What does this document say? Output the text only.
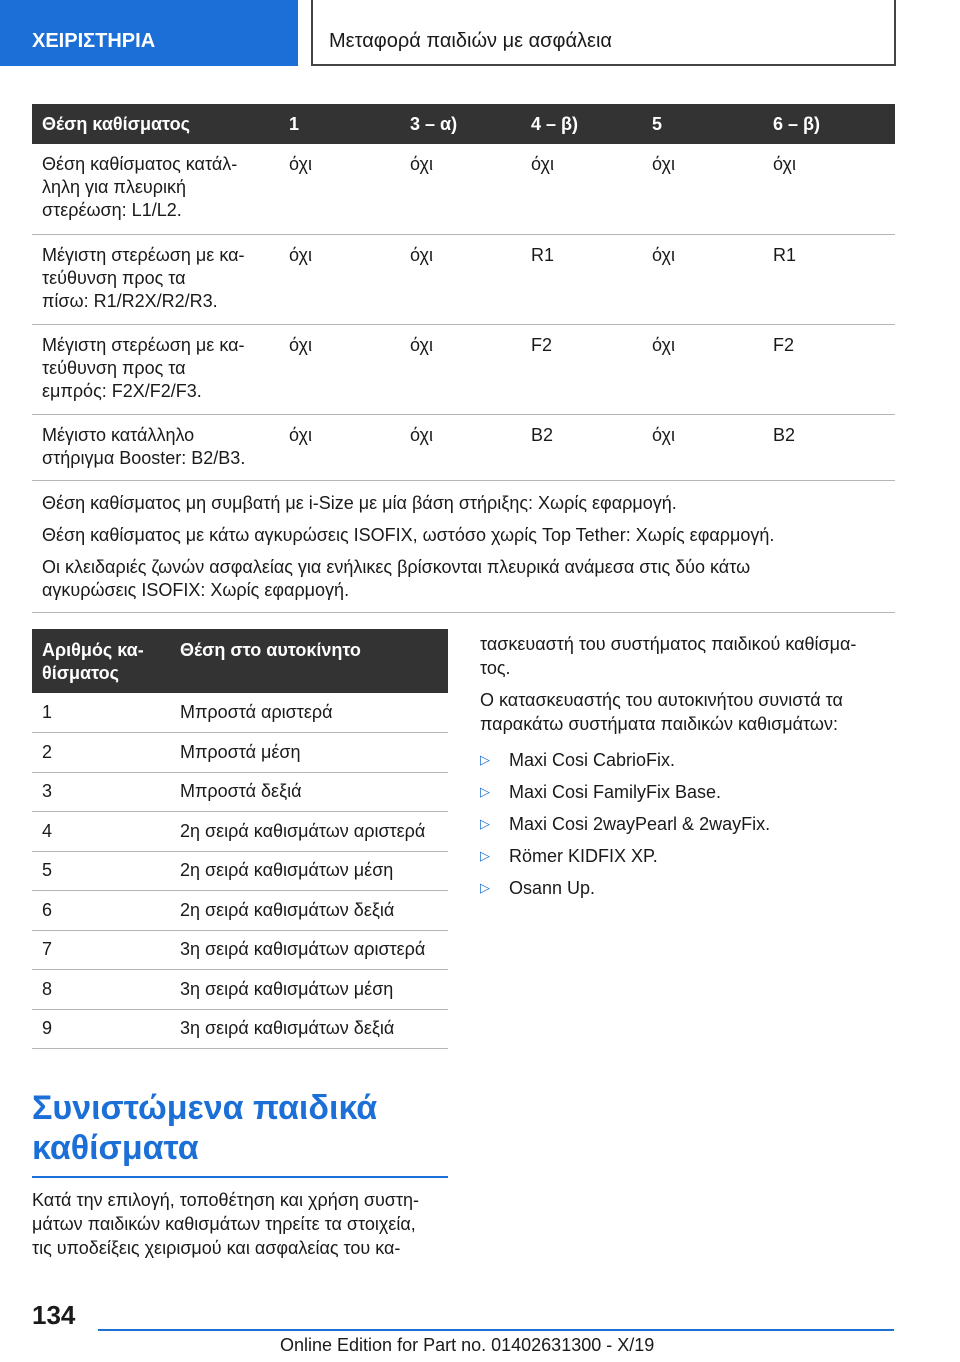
ΧΕΙΡΙΣΤΗΡΙΑ	Μεταφορά παιδιών με ασφάλεια
Θέση καθίσματος	1	3 – α)	4 – β)	5	6 – β)
Θέση καθίσματος κατάλ-
ληλη για πλευρική
στερέωση: L1/L2.	όχι	όχι	όχι	όχι	όχι
Μέγιστη στερέωση με κα-
τεύθυνση προς τα
πίσω: R1/R2X/R2/R3.	όχι	όχι	R1	όχι	R1
Μέγιστη στερέωση με κα-
τεύθυνση προς τα
εμπρός: F2X/F2/F3.	όχι	όχι	F2	όχι	F2
Μέγιστο κατάλληλο
στήριγμα Booster: B2/B3.	όχι	όχι	B2	όχι	B2

Θέση καθίσματος μη συμβατή με i-Size με μία βάση στήριξης: Χωρίς εφαρμογή.
Θέση καθίσματος με κάτω αγκυρώσεις ISOFIX, ωστόσο χωρίς Top Tether: Χωρίς εφαρμογή.
Οι κλειδαριές ζωνών ασφαλείας για ενήλικες βρίσκονται πλευρικά ανάμεσα στις δύο κάτω
αγκυρώσεις ISOFIX: Χωρίς εφαρμογή.					
Αριθμός κα-
θίσματος	Θέση στο αυτοκίνητο
1	Μπροστά αριστερά
2	Μπροστά μέση
3	Μπροστά δεξιά
4	2η σειρά καθισμάτων αριστερά
5	2η σειρά καθισμάτων μέση
6	2η σειρά καθισμάτων δεξιά
7	3η σειρά καθισμάτων αριστερά
8	3η σειρά καθισμάτων μέση
9	3η σειρά καθισμάτων δεξιά
Συνιστώμενα παιδικά
καθίσματα

Κατά την επιλογή, τοποθέτηση και χρήση συστη-
μάτων παιδικών καθισμάτων τηρείτε τα στοιχεία,
τις υποδείξεις χειρισμού και ασφαλείας του κα-

τασκευαστή του συστήματος παιδικού καθίσμα-
τος.

Ο κατασκευαστής του αυτοκινήτου συνιστά τα
παρακάτω συστήματα παιδικών καθισμάτων:

▷	Maxi Cosi CabrioFix.
▷	Maxi Cosi FamilyFix Base.
▷	Maxi Cosi 2wayPearl & 2wayFix.
▷	Römer KIDFIX XP.
▷	Osann Up.
134
Online Edition for Part no. 01402631300 - X/19
